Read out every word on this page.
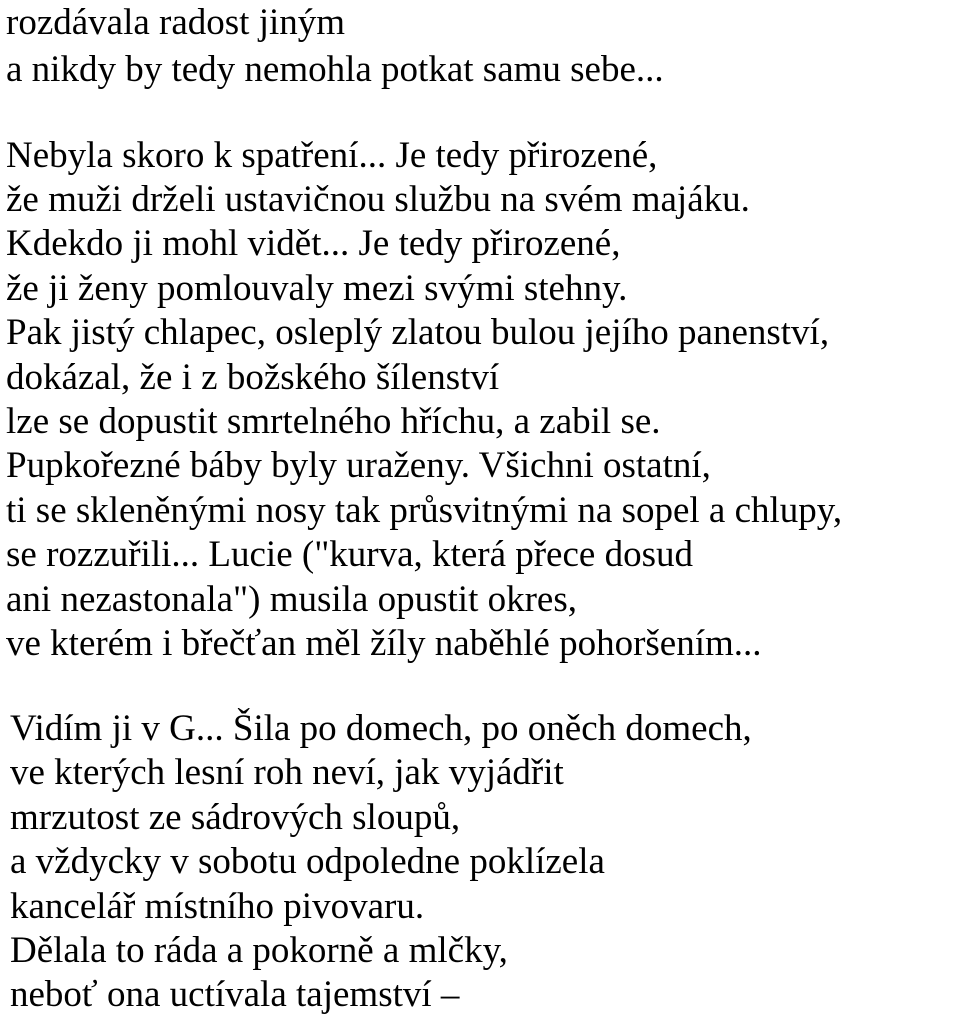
rozdávala radost jiným

a nikdy by tedy nemohla potkat samu sebe...

Nebyla skoro k spatření... Je tedy přirozené,

že muži drželi ustavičnou službu na svém majáku.

Kdekdo ji mohl vidět... Je tedy přirozené,

že ji ženy pomlouvaly mezi svými stehny.

Pak jistý chlapec, osleplý zlatou bulou jejího panenství,

dokázal, že i z božského šílenství

lze se dopustit smrtelného hříchu, a zabil se.

Pupkořezné báby byly uraženy. Všichni ostatní,

ti se skleněnými nosy tak průsvitnými na sopel a chlupy,

se rozzuřili... Lucie ("kurva, která přece dosud

ani nezastonala") musila opustit okres,

ve kterém i břečťan měl žíly naběhlé pohoršením...

Vidím ji v G... Šila po domech, po oněch domech,

ve kterých lesní roh neví, jak vyjádřit

mrzutost ze sádrových sloupů,

a vždycky v sobotu odpoledne poklízela

kancelář místního pivovaru.

Dělala to ráda a pokorně a mlčky,

neboť ona uctívala tajemství –
